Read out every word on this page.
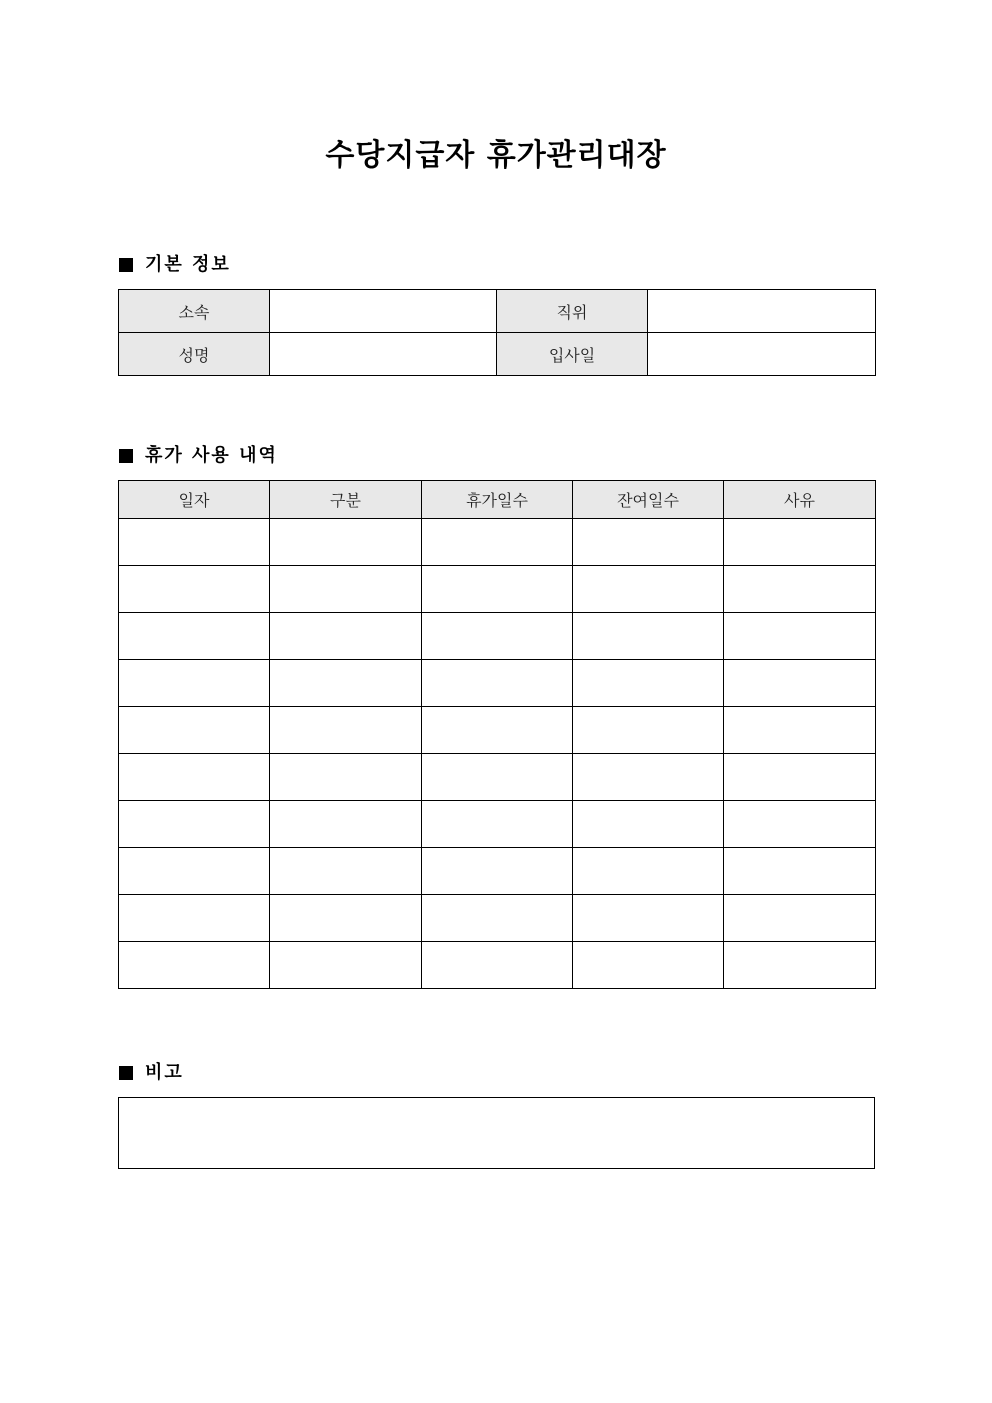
수당지급자 휴가관리대장
기본 정보
소속		직위	
성명		입사일	
휴가 사용 내역
일자	구분	휴가일수	잔여일수	사유

비고
